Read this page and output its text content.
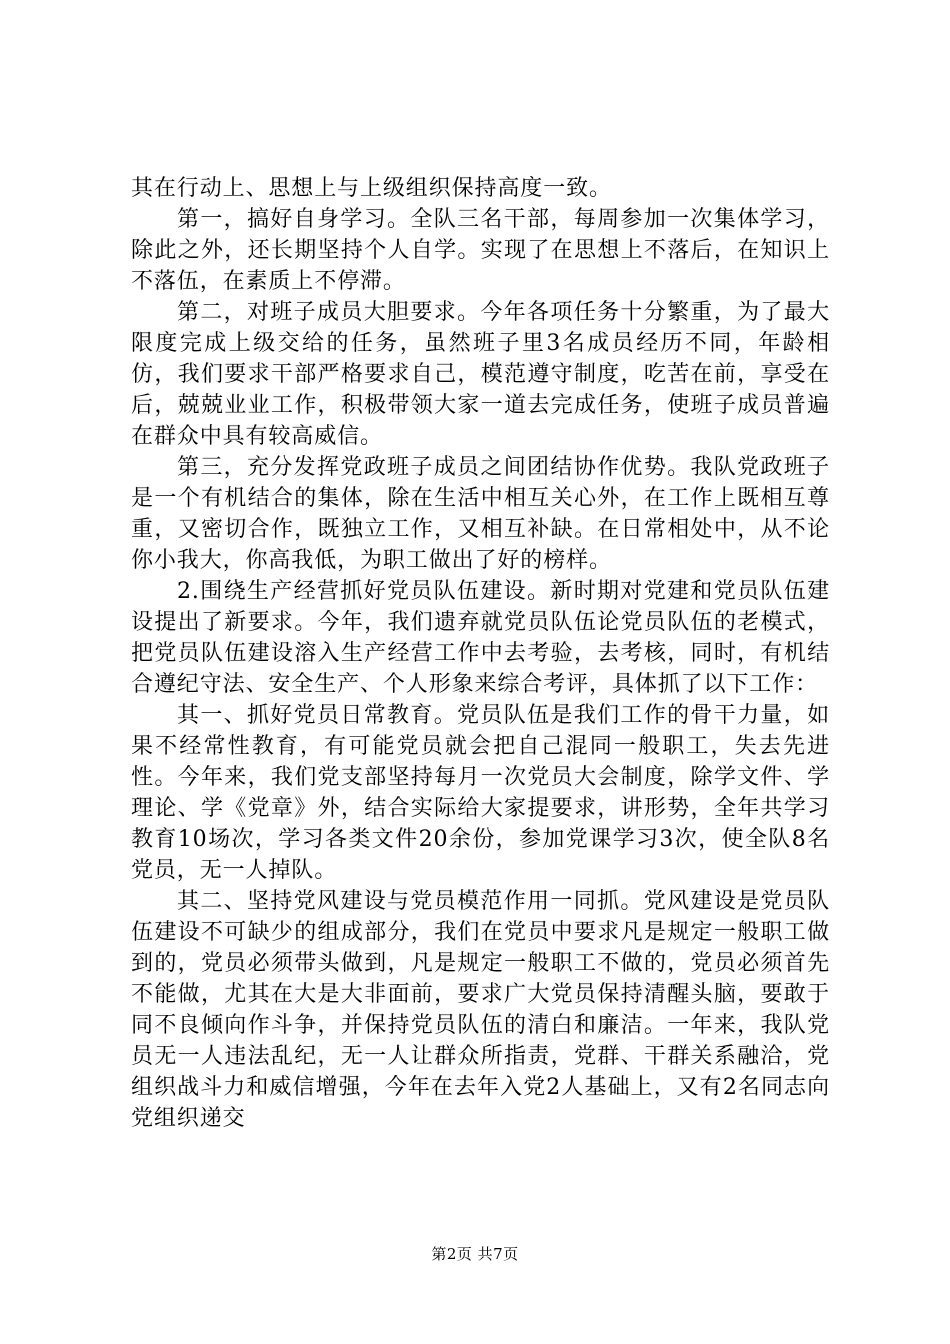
其在行动上、思想上与上级组织保持高度一致。

第一，搞好自身学习。全队三名干部，每周参加一次集体学习，除此之外，还长期坚持个人自学。实现了在思想上不落后，在知识上不落伍，在素质上不停滞。

第二，对班子成员大胆要求。今年各项任务十分繁重，为了最大限度完成上级交给的任务，虽然班子里3名成员经历不同，年龄相仿，我们要求干部严格要求自己，模范遵守制度，吃苦在前，享受在后，兢兢业业工作，积极带领大家一道去完成任务，使班子成员普遍在群众中具有较高威信。

第三，充分发挥党政班子成员之间团结协作优势。我队党政班子是一个有机结合的集体，除在生活中相互关心外，在工作上既相互尊重，又密切合作，既独立工作，又相互补缺。在日常相处中，从不论你小我大，你高我低，为职工做出了好的榜样。

2.围绕生产经营抓好党员队伍建设。新时期对党建和党员队伍建设提出了新要求。今年，我们遗弃就党员队伍论党员队伍的老模式，把党员队伍建设溶入生产经营工作中去考验，去考核，同时，有机结合遵纪守法、安全生产、个人形象来综合考评，具体抓了以下工作：

其一、抓好党员日常教育。党员队伍是我们工作的骨干力量，如果不经常性教育，有可能党员就会把自己混同一般职工，失去先进性。今年来，我们党支部坚持每月一次党员大会制度，除学文件、学理论、学《党章》外，结合实际给大家提要求，讲形势，全年共学习教育10场次，学习各类文件20余份，参加党课学习3次，使全队8名党员，无一人掉队。

其二、坚持党风建设与党员模范作用一同抓。党风建设是党员队伍建设不可缺少的组成部分，我们在党员中要求凡是规定一般职工做到的，党员必须带头做到，凡是规定一般职工不做的，党员必须首先不能做，尤其在大是大非面前，要求广大党员保持清醒头脑，要敢于同不良倾向作斗争，并保持党员队伍的清白和廉洁。一年来，我队党员无一人违法乱纪，无一人让群众所指责，党群、干群关系融洽，党组织战斗力和威信增强，今年在去年入党2人基础上，又有2名同志向党组织递交

第2页 共7页
